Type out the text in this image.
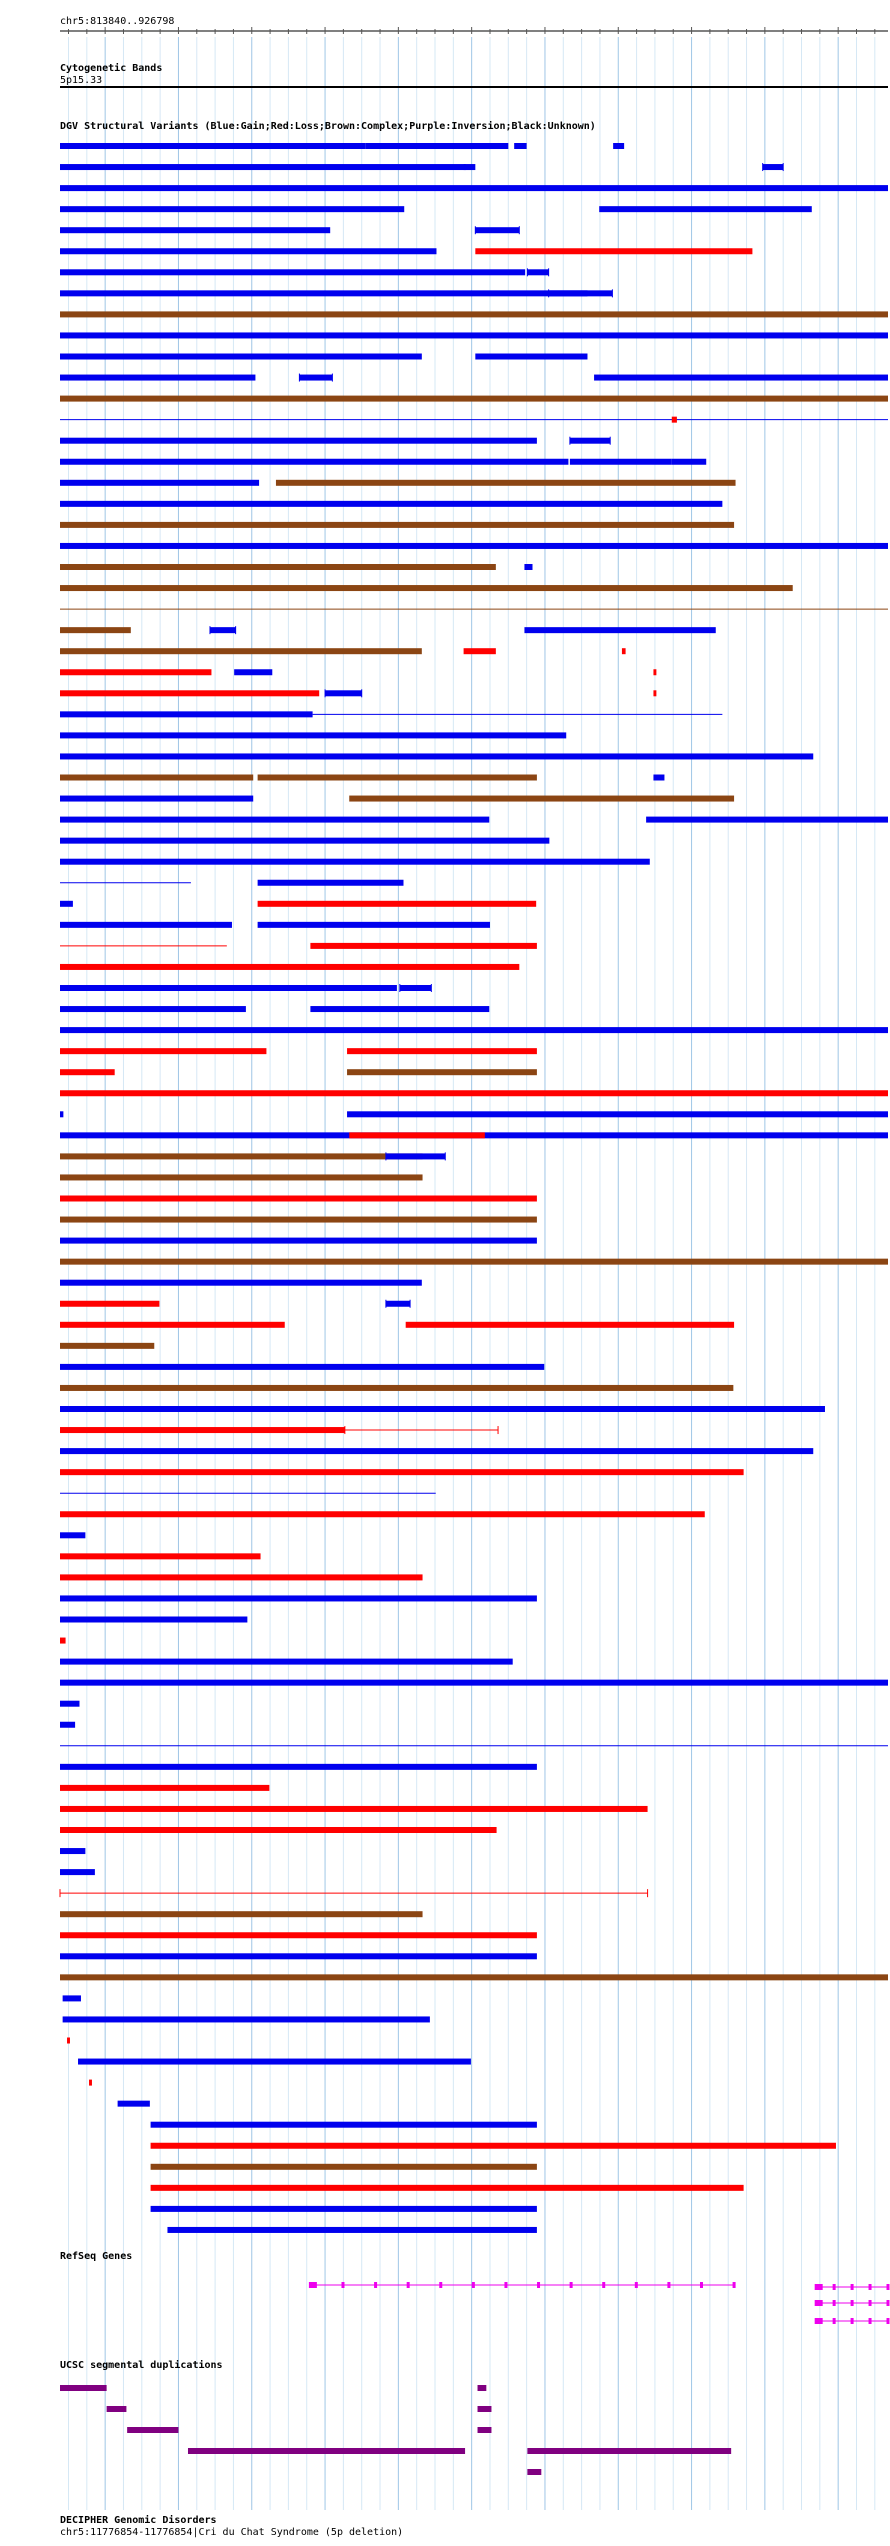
chr5:813840..926798
Cytogenetic Bands
5p15.33
DGV Structural Variants (Blue:Gain;Red:Loss;Brown:Complex;Purple:Inversion;Black:Unknown)
RefSeq Genes
UCSC segmental duplications
DECIPHER Genomic Disorders
chr5:11776854-11776854|Cri du Chat Syndrome (5p deletion)
